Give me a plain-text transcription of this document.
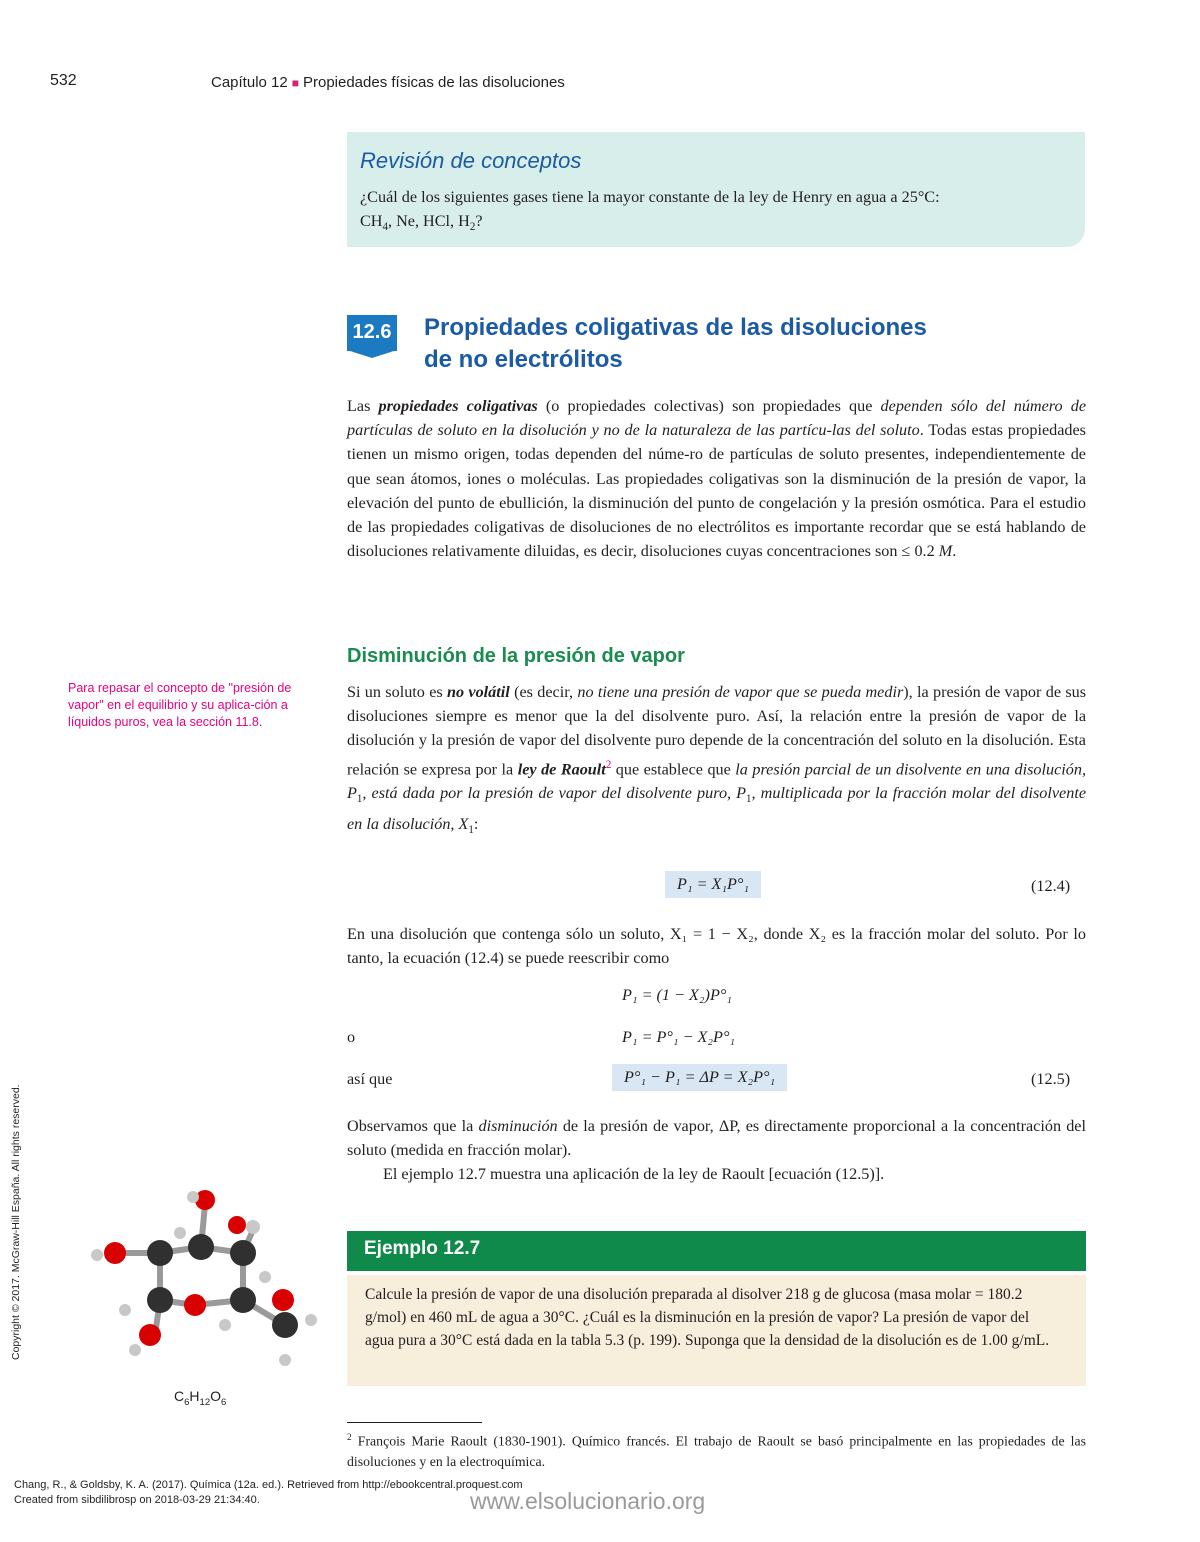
532	Capítulo 12 ■ Propiedades físicas de las disoluciones
Revisión de conceptos
¿Cuál de los siguientes gases tiene la mayor constante de la ley de Henry en agua a 25°C:
$CH_4$, Ne, HCl, $H_2$?
12.6 Propiedades coligativas de las disoluciones
de no electrólitos
Las propiedades coligativas (o propiedades colectivas) son propiedades que dependen sólo del número de partículas de soluto en la disolución y no de la naturaleza de las partícu-las del soluto. Todas estas propiedades tienen un mismo origen, todas dependen del núme-ro de partículas de soluto presentes, independientemente de que sean átomos, iones o moléculas. Las propiedades coligativas son la disminución de la presión de vapor, la elevación del punto de ebullición, la disminución del punto de congelación y la presión osmótica. Para el estudio de las propiedades coligativas de disoluciones de no electrólitos es importante recordar que se está hablando de disoluciones relativamente diluidas, es decir, disoluciones cuyas concentraciones son ≤ 0.2 M.
Disminución de la presión de vapor
Para repasar el concepto de "presión de vapor" en el equilibrio y su aplica-ción a líquidos puros, vea la sección 11.8.
Si un soluto es no volátil (es decir, no tiene una presión de vapor que se pueda medir), la presión de vapor de sus disoluciones siempre es menor que la del disolvente puro. Así, la relación entre la presión de vapor de la disolución y la presión de vapor del disolvente puro depende de la concentración del soluto en la disolución. Esta relación se expresa por la ley de Raoult$^2$ que establece que la presión parcial de un disolvente en una disolución, $P_1$, está dada por la presión de vapor del disolvente puro, $P_1$, multiplicada por la fracción molar del disolvente en la disolución, $X_1$:
P₁ = X₁P°₁	(12.4)
En una disolución que contenga sólo un soluto, X₁ = 1 − X₂, donde X₂ es la fracción molar del soluto. Por lo tanto, la ecuación (12.4) se puede reescribir como
P₁ = (1 − X₂)P°₁
o	P₁ = P°₁ − X₂P°₁
así que	P°₁ − P₁ = ΔP = X₂P°₁	(12.5)
Observamos que la disminución de la presión de vapor, ΔP, es directamente proporcional a la concentración del soluto (medida en fracción molar).
El ejemplo 12.7 muestra una aplicación de la ley de Raoult [ecuación (12.5)].
Ejemplo 12.7
Calcule la presión de vapor de una disolución preparada al disolver 218 g de glucosa (masa molar = 180.2 g/mol) en 460 mL de agua a 30°C. ¿Cuál es la disminución en la presión de vapor? La presión de vapor del agua pura a 30°C está dada en la tabla 5.3 (p. 199). Suponga que la densidad de la disolución es de 1.00 g/mL.
$C_6H_{12}O_6$
$^2$ François Marie Raoult (1830-1901). Químico francés. El trabajo de Raoult se basó principalmente en las propiedades de las disoluciones y en la electroquímica.
Copyright © 2017. McGraw-Hill España. All rights reserved.
Chang, R., & Goldsby, K. A. (2017). Química (12a. ed.). Retrieved from http://ebookcentral.proquest.com
Created from sibdilibrosp on 2018-03-29 21:34:40.	www.elsolucionario.org
